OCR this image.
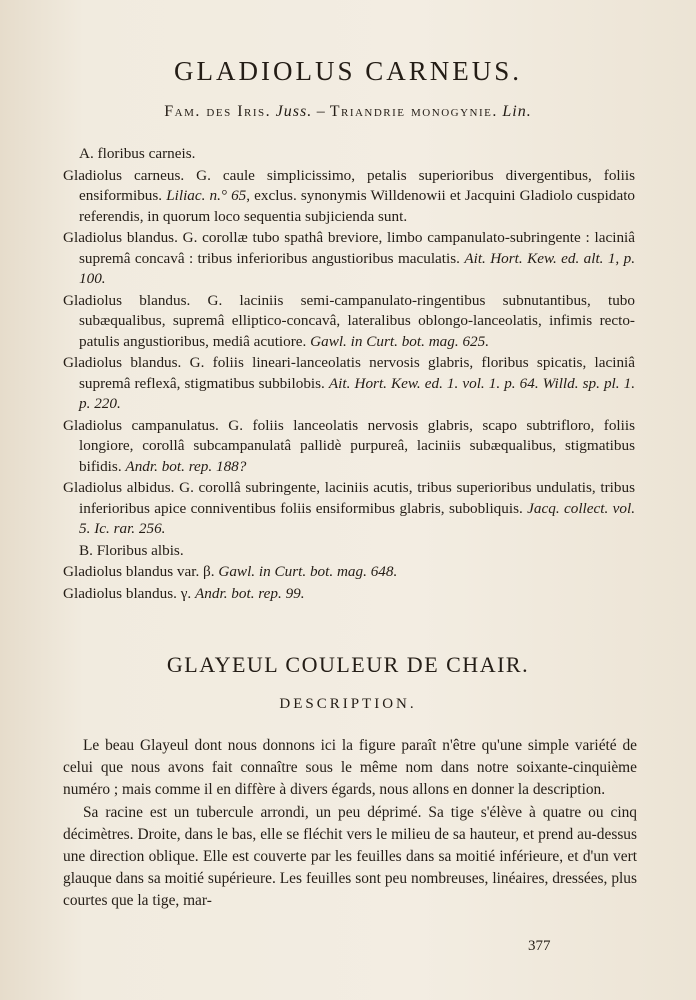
GLADIOLUS CARNEUS.
Fam. des Iris. Juss. – Triandrie monogynie. Lin.

A. floribus carneis.

Gladiolus carneus. G. caule simplicissimo, petalis superioribus divergentibus, foliis ensiformibus. Liliac. n.° 65, exclus. synonymis Willdenowii et Jacquini Gladiolo cuspidato referendis, in quorum loco sequentia subjicienda sunt.

Gladiolus blandus. G. corollæ tubo spathâ breviore, limbo campanulato-subringente : laciniâ supremâ concavâ : tribus inferioribus angustioribus maculatis. Ait. Hort. Kew. ed. alt. 1, p. 100.

Gladiolus blandus. G. laciniis semi-campanulato-ringentibus subnutantibus, tubo subæqualibus, supremâ elliptico-concavâ, lateralibus oblongo-lanceolatis, infimis recto-patulis angustioribus, mediâ acutiore. Gawl. in Curt. bot. mag. 625.

Gladiolus blandus. G. foliis lineari-lanceolatis nervosis glabris, floribus spicatis, laciniâ supremâ reflexâ, stigmatibus subbilobis. Ait. Hort. Kew. ed. 1. vol. 1. p. 64. Willd. sp. pl. 1. p. 220.

Gladiolus campanulatus. G. foliis lanceolatis nervosis glabris, scapo subtrifloro, foliis longiore, corollâ subcampanulatâ pallidè purpureâ, laciniis subæqualibus, stigmatibus bifidis. Andr. bot. rep. 188?

Gladiolus albidus. G. corollâ subringente, laciniis acutis, tribus superioribus undulatis, tribus inferioribus apice conniventibus foliis ensiformibus glabris, subobliquis. Jacq. collect. vol. 5. Ic. rar. 256.

B. Floribus albis.

Gladiolus blandus var. β. Gawl. in Curt. bot. mag. 648.

Gladiolus blandus. γ. Andr. bot. rep. 99.

GLAYEUL COULEUR DE CHAIR.
DESCRIPTION.

Le beau Glayeul dont nous donnons ici la figure paraît n'être qu'une simple variété de celui que nous avons fait connaître sous le même nom dans notre soixante-cinquième numéro ; mais comme il en diffère à divers égards, nous allons en donner la description.

Sa racine est un tubercule arrondi, un peu déprimé. Sa tige s'élève à quatre ou cinq décimètres. Droite, dans le bas, elle se fléchit vers le milieu de sa hauteur, et prend au-dessus une direction oblique. Elle est couverte par les feuilles dans sa moitié inférieure, et d'un vert glauque dans sa moitié supérieure. Les feuilles sont peu nombreuses, linéaires, dressées, plus courtes que la tige, mar-

377
